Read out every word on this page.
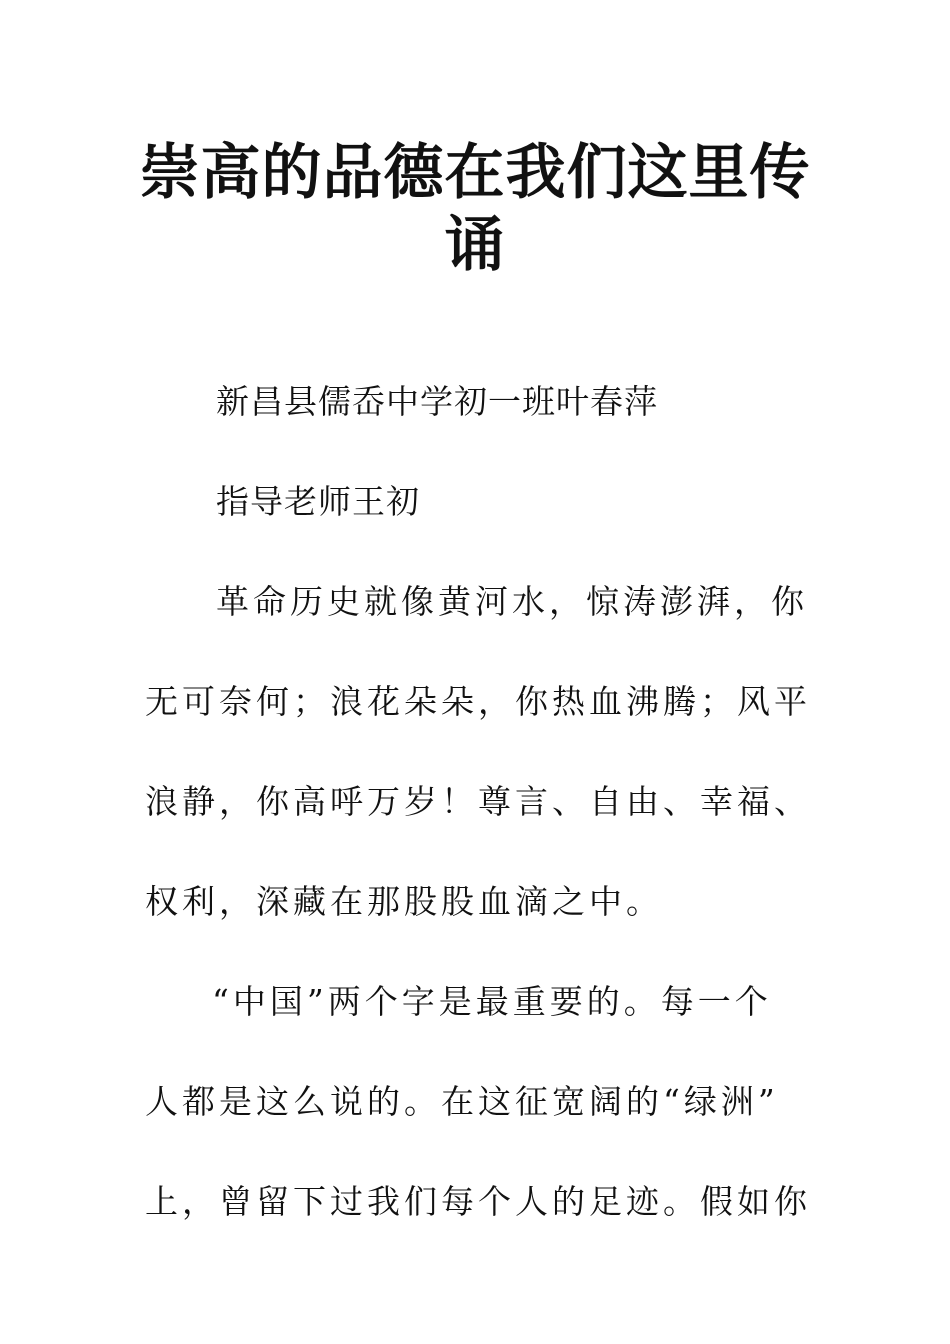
崇高的品德在我们这里传
诵

新昌县儒岙中学初一班叶春萍

指导老师王初

革命历史就像黄河水，惊涛澎湃，你

无可奈何；浪花朵朵，你热血沸腾；风平

浪静，你高呼万岁！尊言、自由、幸福、

权利，深藏在那股股血滴之中。

“中国”两个字是最重要的。每一个

人都是这么说的。在这征宽阔的“绿洲”

上，曾留下过我们每个人的足迹。假如你
